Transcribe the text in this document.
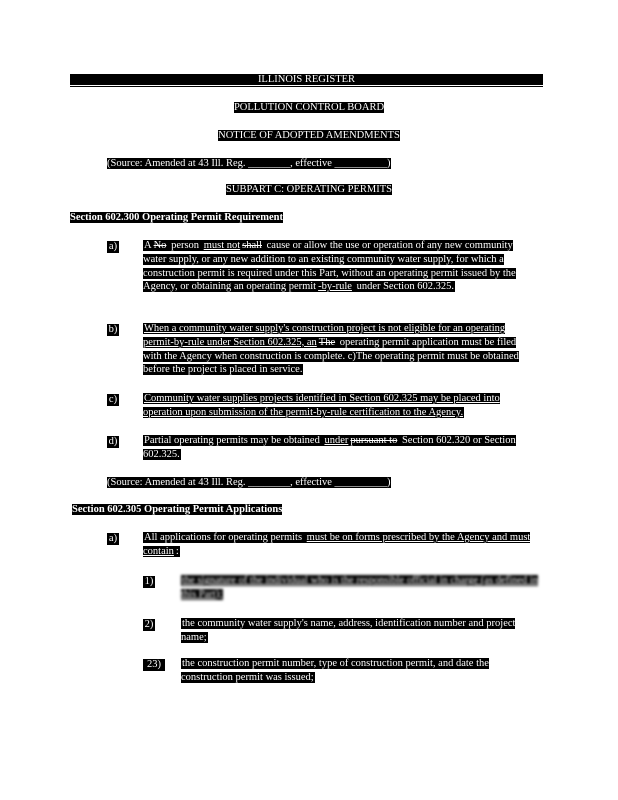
ILLINOIS REGISTER
POLLUTION CONTROL BOARD
NOTICE OF ADOPTED AMENDMENTS
(Source: Amended at 43 Ill. Reg. ________, effective __________)
SUBPART C: OPERATING PERMITS
Section 602.300 Operating Permit Requirement
a)	A No person must not shall cause or allow the use or operation of any new community water supply, or any new addition to an existing community water supply, for which a construction permit is required under this Part, without an operating permit issued by the Agency, or obtaining an operating permit -by-rule under Section 602.325.
b)	When a community water supply's construction project is not eligible for an operating permit-by-rule under Section 602.325, an The operating permit application must be filed with the Agency when construction is complete. c)The operating permit must be obtained before the project is placed in service.
c)	Community water supplies projects identified in Section 602.325 may be placed into operation upon submission of the permit-by-rule certification to the Agency.
d)	Partial operating permits may be obtained under pursuant to Section 602.320 or Section 602.325.
(Source: Amended at 43 Ill. Reg. ________, effective __________)
Section 602.305 Operating Permit Applications
a)	All applications for operating permits must be on forms prescribed by the Agency and must contain :
1)	the signature of the individual who is the responsible official in charge (as defined in this Part);
2)	the community water supply's name, address, identification number and project name;
23)	the construction permit number, type of construction permit, and date the construction permit was issued;
